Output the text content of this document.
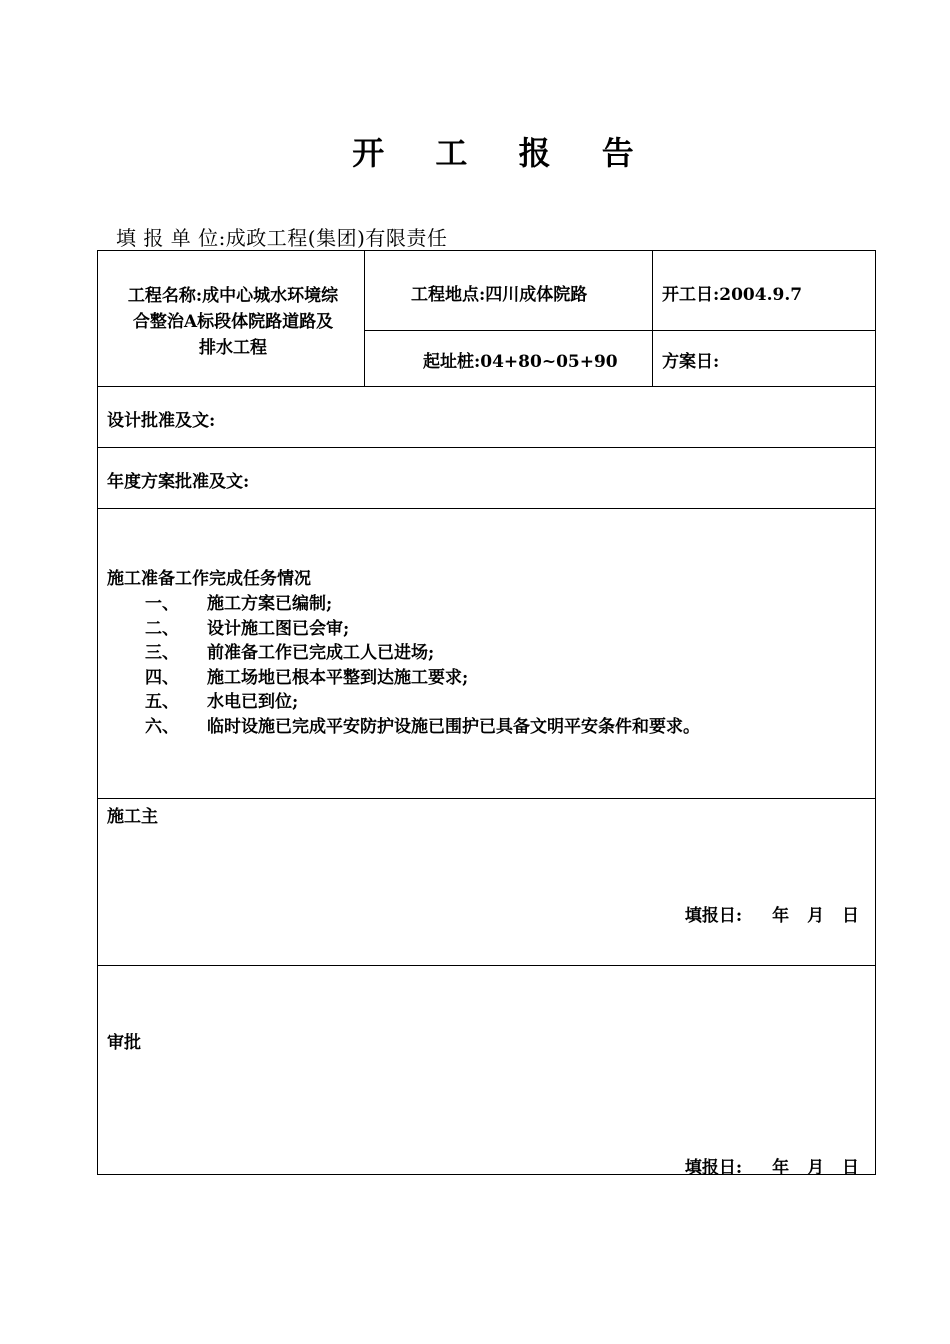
开 工 报 告
填 报 单 位:成政工程(集团)有限责任
工程名称:成中心城水环境综
合整治A标段体院路道路及
排水工程
工程地点:四川成体院路	开工日:2004.9.7
起址桩:04+80~05+90	方案日:
设计批准及文:
年度方案批准及文:
施工准备工作完成任务情况
一、 施工方案已编制;
二、 设计施工图已会审;
三、 前准备工作已完成工人已进场;
四、 施工场地已根本平整到达施工要求;
五、 水电已到位;
六、 临时设施已完成平安防护设施已围护已具备文明平安条件和要求。
施工主
填报日: 年 月 日
审批
填报日: 年 月 日
